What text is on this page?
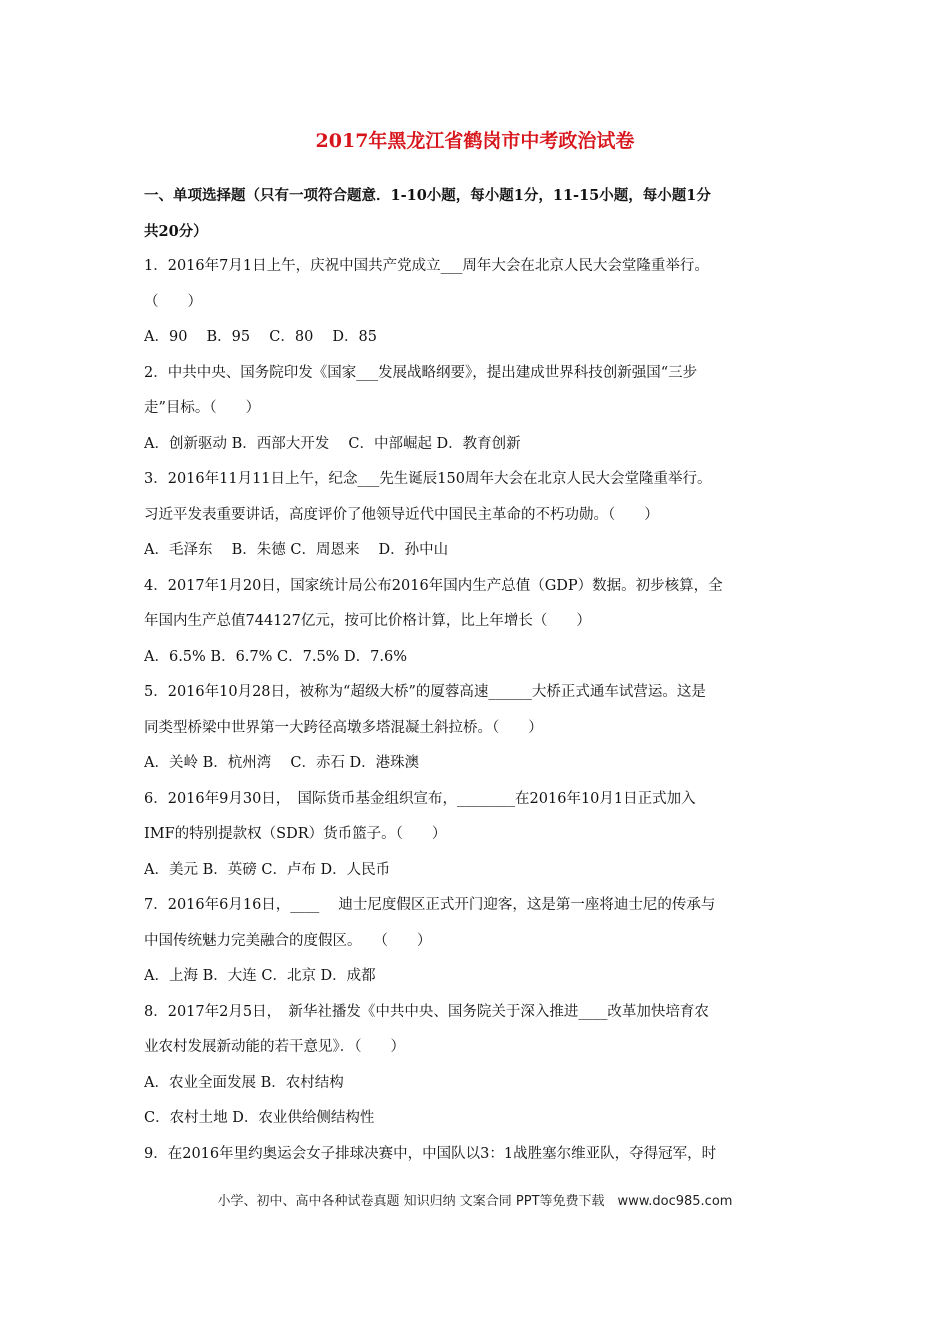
2017年黑龙江省鹤岗市中考政治试卷
一、单项选择题（只有一项符合题意．1-10小题，每小题1分，11-15小题，每小题1分
共20分）
1．2016年7月1日上午，庆祝中国共产党成立___周年大会在北京人民大会堂隆重举行。
（　　）
A．90　 B．95　 C．80　 D．85
2．中共中央、国务院印发《国家___发展战略纲要》，提出建成世界科技创新强国“三步
走”目标。（　　）
A．创新驱动 B．西部大开发　 C．中部崛起 D．教育创新
3．2016年11月11日上午，纪念___先生诞辰150周年大会在北京人民大会堂隆重举行。
习近平发表重要讲话，高度评价了他领导近代中国民主革命的不朽功勋。（　　）
A．毛泽东　 B．朱德 C．周恩来　 D．孙中山
4．2017年1月20日，国家统计局公布2016年国内生产总值（GDP）数据。初步核算，全
年国内生产总值744127亿元，按可比价格计算，比上年增长（　　）
A．6.5% B．6.7% C．7.5% D．7.6%
5．2016年10月28日，被称为“超级大桥”的厦蓉高速______大桥正式通车试营运。这是
同类型桥梁中世界第一大跨径高墩多塔混凝土斜拉桥。（　　）
A．关岭 B．杭州湾　 C．赤石 D．港珠澳
6．2016年9月30日，　国际货币基金组织宣布，________在2016年10月1日正式加入
IMF的特别提款权（SDR）货币篮子。（　　）
A．美元 B．英磅 C．卢布 D．人民币
7．2016年6月16日，____　 迪士尼度假区正式开门迎客，这是第一座将迪士尼的传承与
中国传统魅力完美融合的度假区。　 （　　）
A．上海 B．大连 C．北京 D．成都
8．2017年2月5日，　新华社播发《中共中央、国务院关于深入推进____改革加快培育农
业农村发展新动能的若干意见》．（　　）
A．农业全面发展 B．农村结构
C．农村土地 D．农业供给侧结构性
9．在2016年里约奥运会女子排球决赛中，中国队以3：1战胜塞尔维亚队，夺得冠军，时
小学、初中、高中各种试卷真题 知识归纳 文案合同 PPT等免费下载　www.doc985.com
